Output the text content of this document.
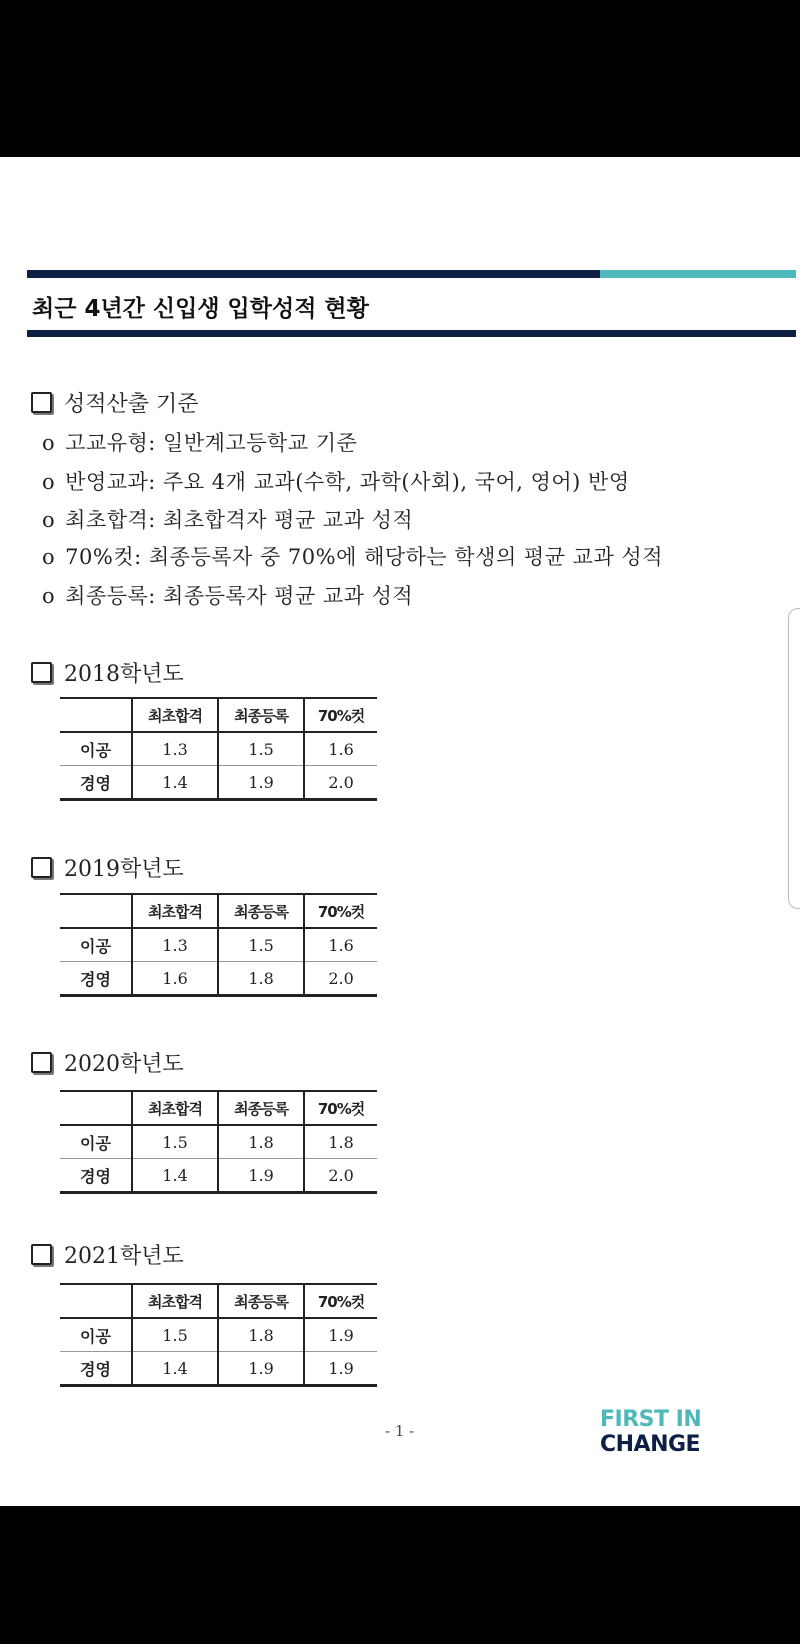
최근 4년간 신입생 입학성적 현황
성적산출 기준
o 고교유형: 일반계고등학교 기준
o 반영교과: 주요 4개 교과(수학, 과학(사회), 국어, 영어) 반영
o 최초합격: 최초합격자 평균 교과 성적
o 70%컷: 최종등록자 중 70%에 해당하는 학생의 평균 교과 성적
o 최종등록: 최종등록자 평균 교과 성적
2018학년도
	최초합격	최종등록	70%컷
이공	1.3	1.5	1.6
경영	1.4	1.9	2.0
2019학년도
	최초합격	최종등록	70%컷
이공	1.3	1.5	1.6
경영	1.6	1.8	2.0
2020학년도
	최초합격	최종등록	70%컷
이공	1.5	1.8	1.8
경영	1.4	1.9	2.0
2021학년도
	최초합격	최종등록	70%컷
이공	1.5	1.8	1.9
경영	1.4	1.9	1.9
- 1 -	FIRST IN CHANGE
